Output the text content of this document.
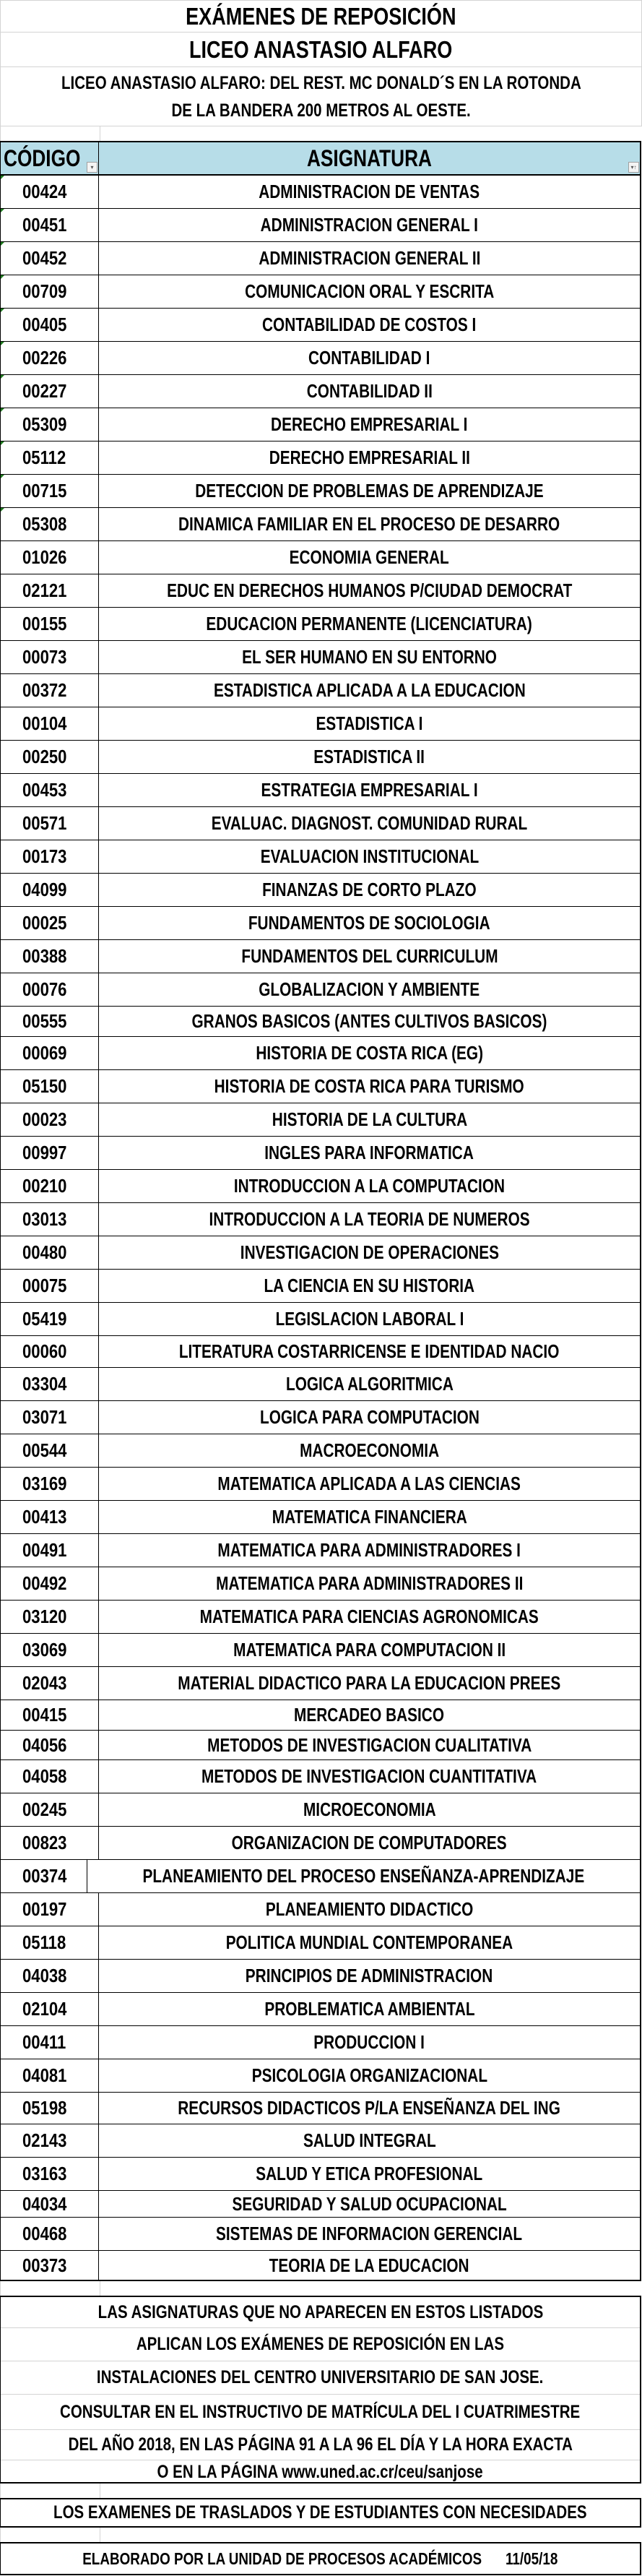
EXÁMENES DE REPOSICIÓN
LICEO ANASTASIO ALFARO
LICEO ANASTASIO ALFARO: DEL REST. MC DONALD´S EN LA ROTONDA
DE LA BANDERA 200 METROS AL OESTE.
CÓDIGO	▾	ASIGNATURA	▾↑
00424	ADMINISTRACION DE VENTAS
00451	ADMINISTRACION GENERAL I
00452	ADMINISTRACION GENERAL II
00709	COMUNICACION ORAL Y ESCRITA
00405	CONTABILIDAD DE COSTOS I
00226	CONTABILIDAD I
00227	CONTABILIDAD II
05309	DERECHO EMPRESARIAL I
05112	DERECHO EMPRESARIAL II
00715	DETECCION DE PROBLEMAS DE APRENDIZAJE
05308	DINAMICA FAMILIAR EN EL PROCESO DE DESARRO
01026	ECONOMIA GENERAL
02121	EDUC EN DERECHOS HUMANOS P/CIUDAD DEMOCRAT
00155	EDUCACION PERMANENTE (LICENCIATURA)
00073	EL SER HUMANO EN SU ENTORNO
00372	ESTADISTICA APLICADA A LA EDUCACION
00104	ESTADISTICA I
00250	ESTADISTICA II
00453	ESTRATEGIA EMPRESARIAL I
00571	EVALUAC. DIAGNOST. COMUNIDAD RURAL
00173	EVALUACION INSTITUCIONAL
04099	FINANZAS DE CORTO PLAZO
00025	FUNDAMENTOS DE SOCIOLOGIA
00388	FUNDAMENTOS DEL CURRICULUM
00076	GLOBALIZACION Y AMBIENTE
00555	GRANOS BASICOS (ANTES CULTIVOS BASICOS)
00069	HISTORIA DE COSTA RICA (EG)
05150	HISTORIA DE COSTA RICA PARA TURISMO
00023	HISTORIA DE LA CULTURA
00997	INGLES PARA INFORMATICA
00210	INTRODUCCION A LA COMPUTACION
03013	INTRODUCCION A LA TEORIA DE NUMEROS
00480	INVESTIGACION DE OPERACIONES
00075	LA CIENCIA EN SU HISTORIA
05419	LEGISLACION LABORAL I
00060	LITERATURA COSTARRICENSE E IDENTIDAD NACIO
03304	LOGICA ALGORITMICA
03071	LOGICA PARA COMPUTACION
00544	MACROECONOMIA
03169	MATEMATICA APLICADA A LAS CIENCIAS
00413	MATEMATICA FINANCIERA
00491	MATEMATICA PARA ADMINISTRADORES I
00492	MATEMATICA PARA ADMINISTRADORES II
03120	MATEMATICA PARA CIENCIAS AGRONOMICAS
03069	MATEMATICA PARA COMPUTACION II
02043	MATERIAL DIDACTICO PARA LA EDUCACION PREES
00415	MERCADEO BASICO
04056	METODOS DE INVESTIGACION CUALITATIVA
04058	METODOS DE INVESTIGACION CUANTITATIVA
00245	MICROECONOMIA
00823	ORGANIZACION DE COMPUTADORES
00374	PLANEAMIENTO DEL PROCESO ENSEÑANZA-APRENDIZAJE
00197	PLANEAMIENTO DIDACTICO
05118	POLITICA MUNDIAL CONTEMPORANEA
04038	PRINCIPIOS DE ADMINISTRACION
02104	PROBLEMATICA AMBIENTAL
00411	PRODUCCION I
04081	PSICOLOGIA ORGANIZACIONAL
05198	RECURSOS DIDACTICOS P/LA ENSEÑANZA DEL ING
02143	SALUD INTEGRAL
03163	SALUD Y ETICA PROFESIONAL
04034	SEGURIDAD Y SALUD OCUPACIONAL
00468	SISTEMAS DE INFORMACION GERENCIAL
00373	TEORIA DE LA EDUCACION
LAS ASIGNATURAS QUE NO APARECEN EN ESTOS LISTADOS
APLICAN LOS EXÁMENES DE REPOSICIÓN EN LAS
INSTALACIONES DEL CENTRO UNIVERSITARIO DE SAN JOSE.
CONSULTAR EN EL INSTRUCTIVO DE MATRÍCULA DEL I CUATRIMESTRE
DEL AÑO 2018, EN LAS PÁGINA 91 A LA 96 EL DÍA Y LA HORA EXACTA
O EN LA PÁGINA www.uned.ac.cr/ceu/sanjose
LOS EXAMENES DE TRASLADOS Y DE ESTUDIANTES CON NECESIDADES
ELABORADO POR LA UNIDAD DE PROCESOS ACADÉMICOS 11/05/18
